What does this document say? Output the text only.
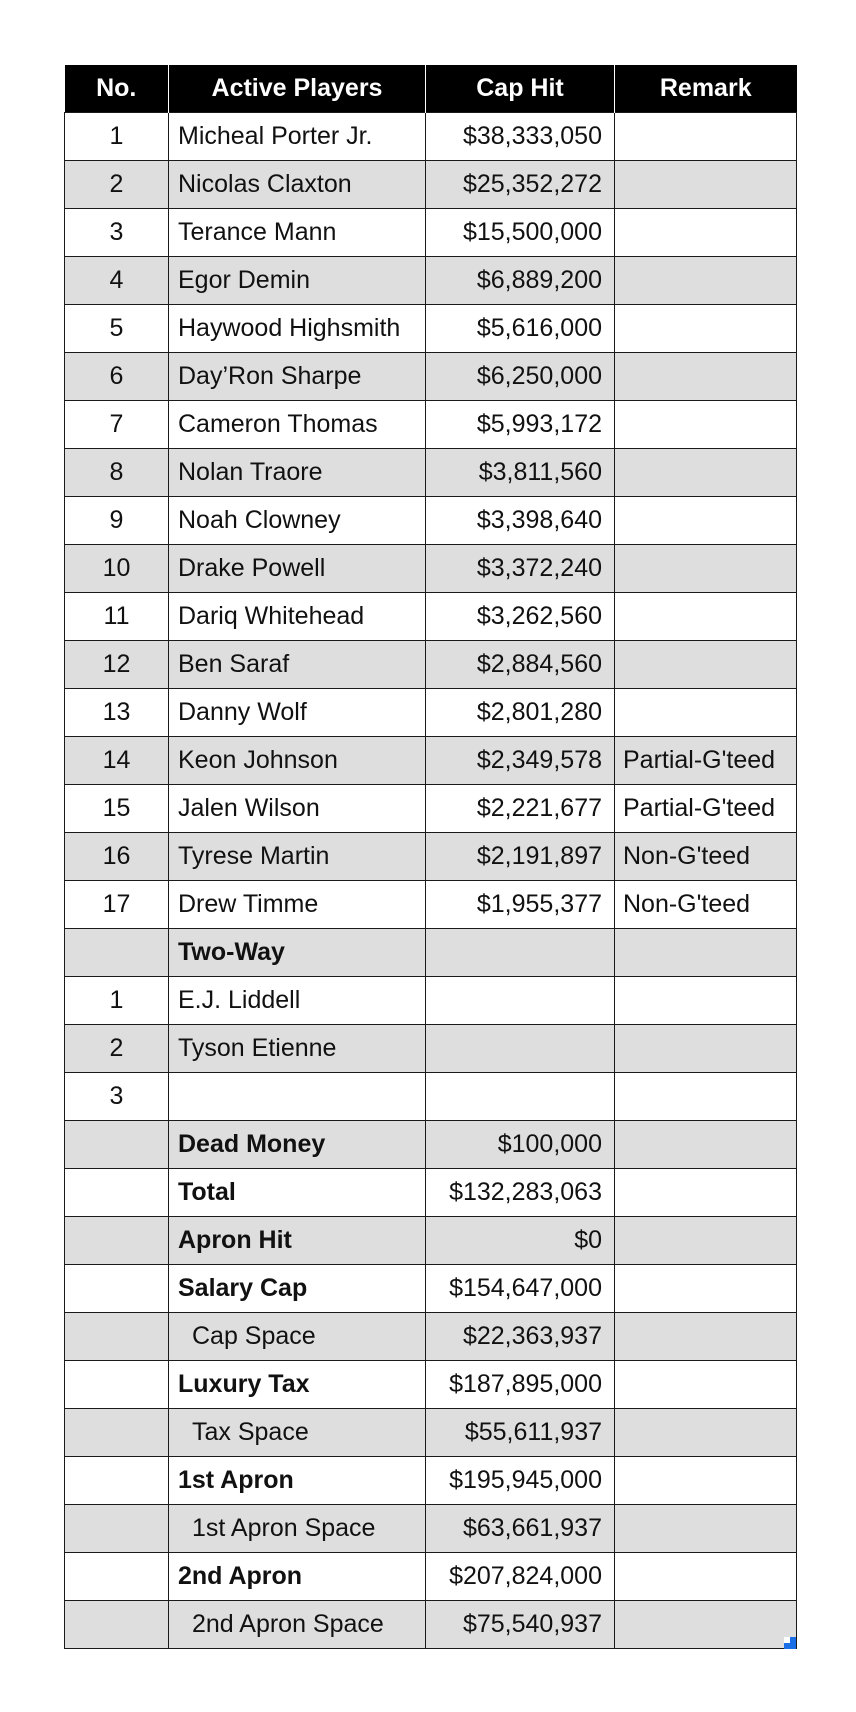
No.	Active Players	Cap Hit	Remark
1	Micheal Porter Jr.	$38,333,050	
2	Nicolas Claxton	$25,352,272	
3	Terance Mann	$15,500,000	
4	Egor Demin	$6,889,200	
5	Haywood Highsmith	$5,616,000	
6	Day’Ron Sharpe	$6,250,000	
7	Cameron Thomas	$5,993,172	
8	Nolan Traore	$3,811,560	
9	Noah Clowney	$3,398,640	
10	Drake Powell	$3,372,240	
11	Dariq Whitehead	$3,262,560	
12	Ben Saraf	$2,884,560	
13	Danny Wolf	$2,801,280	
14	Keon Johnson	$2,349,578	Partial-G'teed
15	Jalen Wilson	$2,221,677	Partial-G'teed
16	Tyrese Martin	$2,191,897	Non-G'teed
17	Drew Timme	$1,955,377	Non-G'teed
	Two-Way		
1	E.J. Liddell		
2	Tyson Etienne		
3			
	Dead Money	$100,000	
	Total	$132,283,063	
	Apron Hit	$0	
	Salary Cap	$154,647,000	
	Cap Space	$22,363,937	
	Luxury Tax	$187,895,000	
	Tax Space	$55,611,937	
	1st Apron	$195,945,000	
	1st Apron Space	$63,661,937	
	2nd Apron	$207,824,000	
	2nd Apron Space	$75,540,937	
